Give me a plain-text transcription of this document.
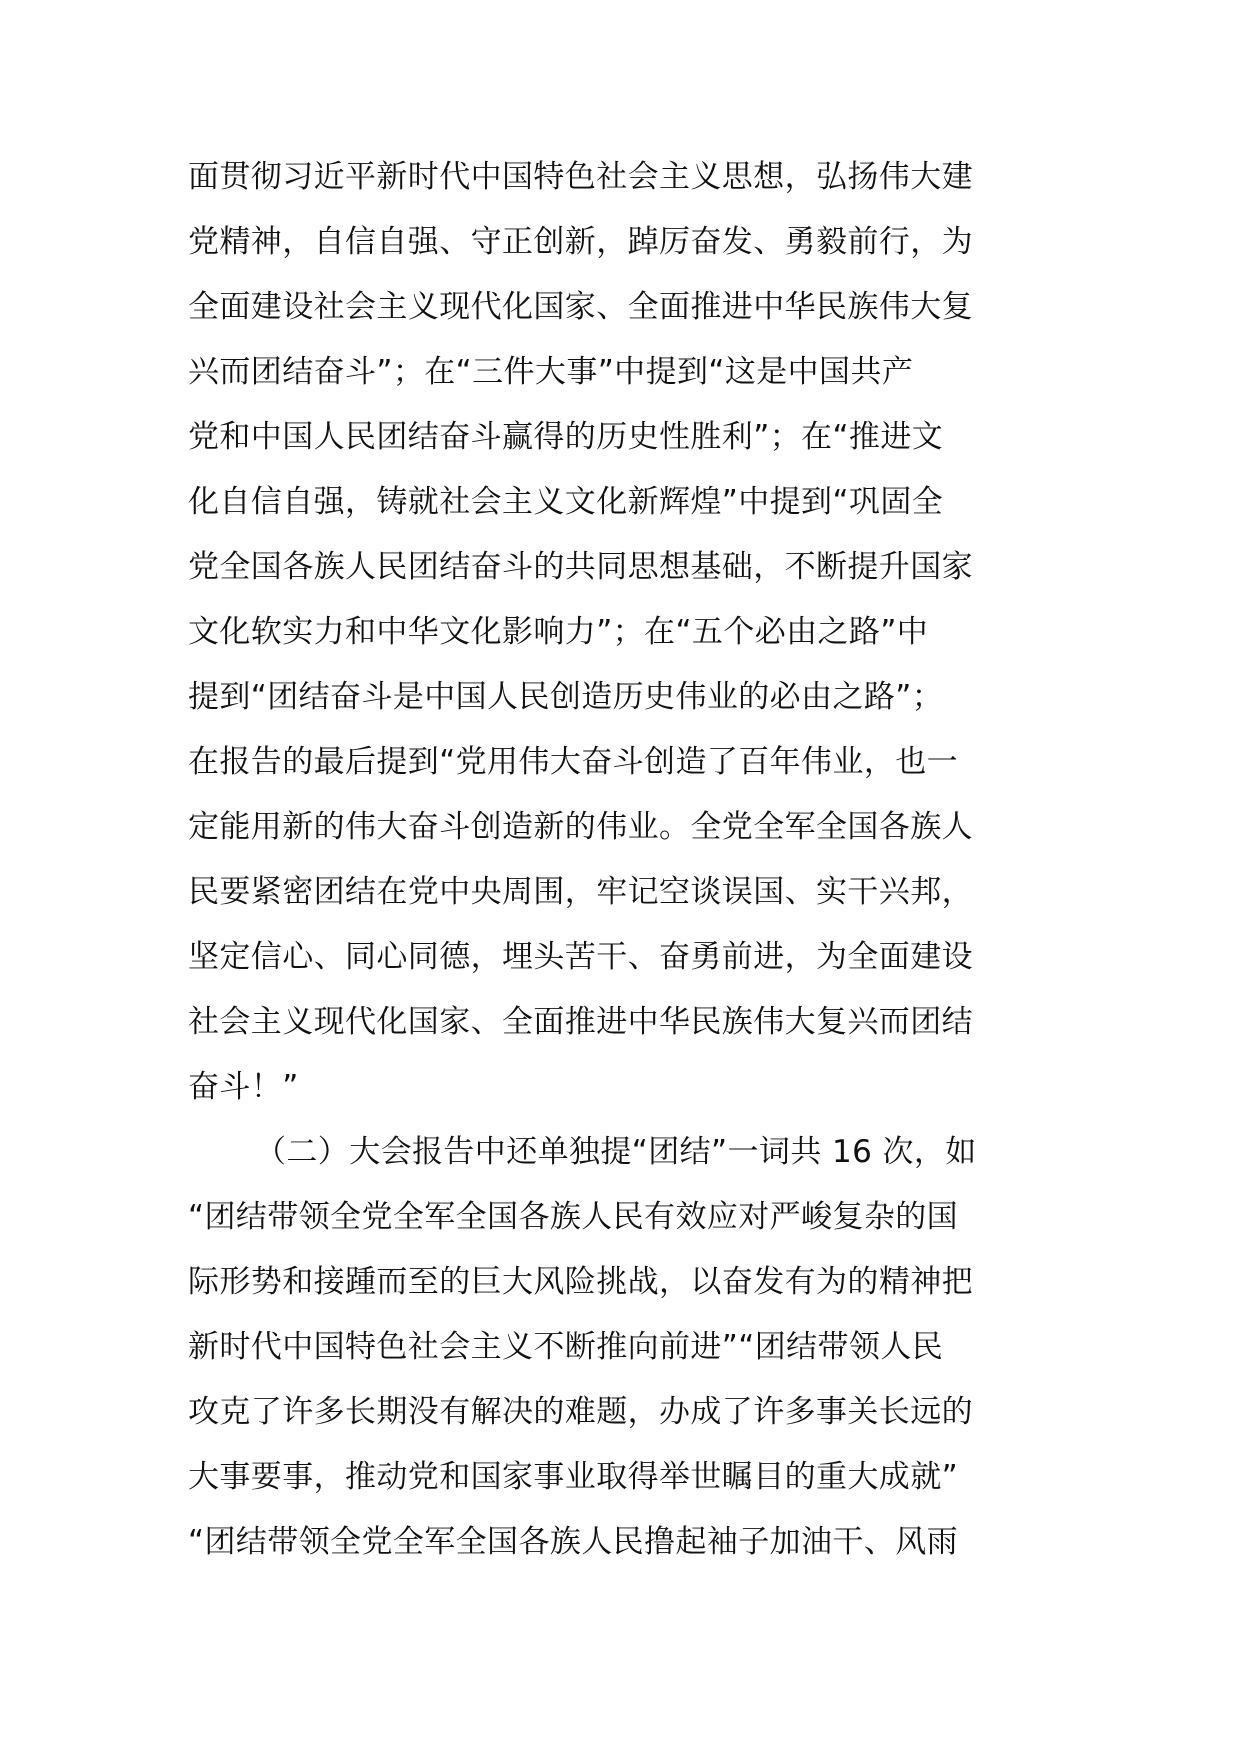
面贯彻习近平新时代中国特色社会主义思想，弘扬伟大建
党精神，自信自强、守正创新，踔厉奋发、勇毅前行，为
全面建设社会主义现代化国家、全面推进中华民族伟大复
兴而团结奋斗”；在“三件大事”中提到“这是中国共产
党和中国人民团结奋斗赢得的历史性胜利”；在“推进文
化自信自强，铸就社会主义文化新辉煌”中提到“巩固全
党全国各族人民团结奋斗的共同思想基础，不断提升国家
文化软实力和中华文化影响力”；在“五个必由之路”中
提到“团结奋斗是中国人民创造历史伟业的必由之路”；
在报告的最后提到“党用伟大奋斗创造了百年伟业，也一
定能用新的伟大奋斗创造新的伟业。全党全军全国各族人
民要紧密团结在党中央周围，牢记空谈误国、实干兴邦，
坚定信心、同心同德，埋头苦干、奋勇前进，为全面建设
社会主义现代化国家、全面推进中华民族伟大复兴而团结
奋斗！”
（二）大会报告中还单独提“团结”一词共 16 次，如
“团结带领全党全军全国各族人民有效应对严峻复杂的国
际形势和接踵而至的巨大风险挑战，以奋发有为的精神把
新时代中国特色社会主义不断推向前进”“团结带领人民
攻克了许多长期没有解决的难题，办成了许多事关长远的
大事要事，推动党和国家事业取得举世瞩目的重大成就”
“团结带领全党全军全国各族人民撸起袖子加油干、风雨
